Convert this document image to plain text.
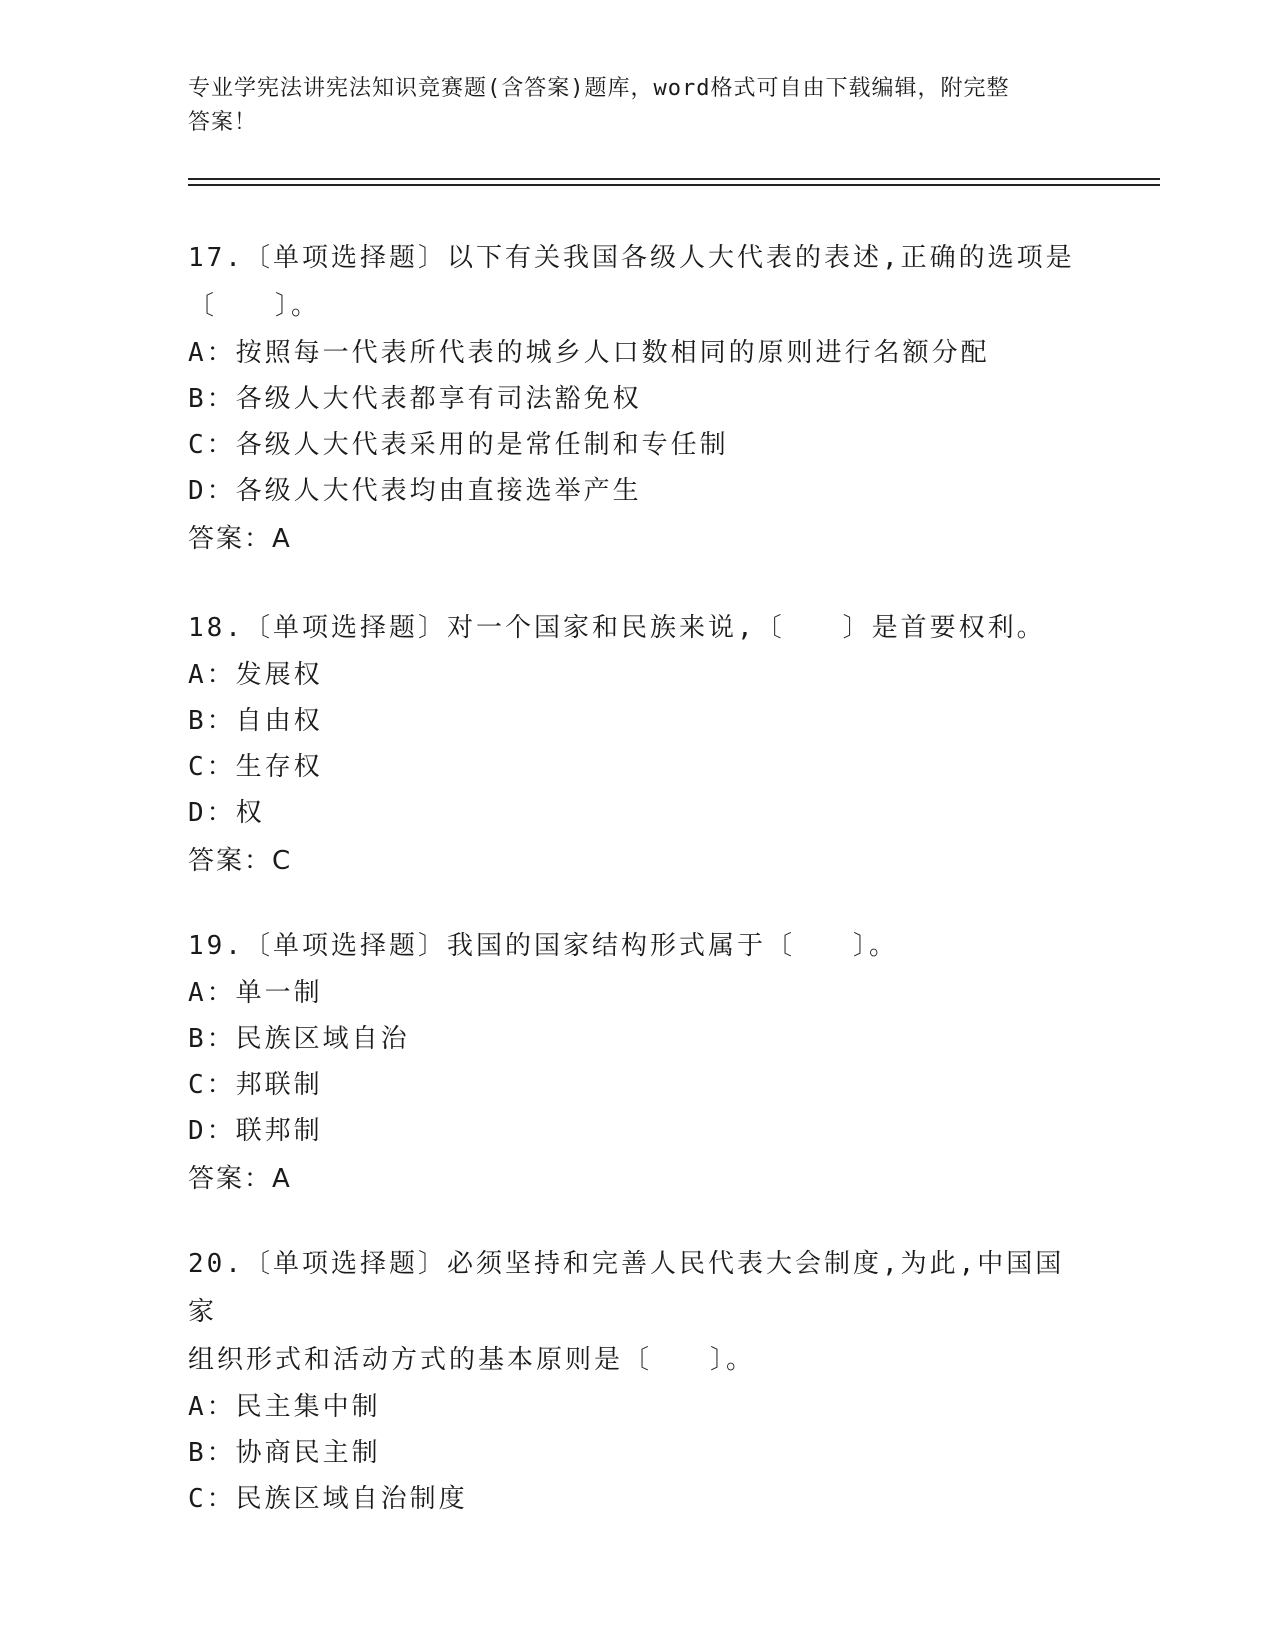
专业学宪法讲宪法知识竞赛题(含答案)题库，word格式可自由下载编辑，附完整
答案！
17.〔单项选择题〕以下有关我国各级人大代表的表述,正确的选项是
〔　　〕。
A：按照每一代表所代表的城乡人口数相同的原则进行名额分配
B：各级人大代表都享有司法豁免权
C：各级人大代表采用的是常任制和专任制
D：各级人大代表均由直接选举产生
答案：A
18.〔单项选择题〕对一个国家和民族来说,〔　　〕是首要权利。
A：发展权
B：自由权
C：生存权
D：权
答案：C
19.〔单项选择题〕我国的国家结构形式属于〔　　〕。
A：单一制
B：民族区域自治
C：邦联制
D：联邦制
答案：A
20.〔单项选择题〕必须坚持和完善人民代表大会制度,为此,中国国家
组织形式和活动方式的基本原则是〔　　〕。
A：民主集中制
B：协商民主制
C：民族区域自治制度
